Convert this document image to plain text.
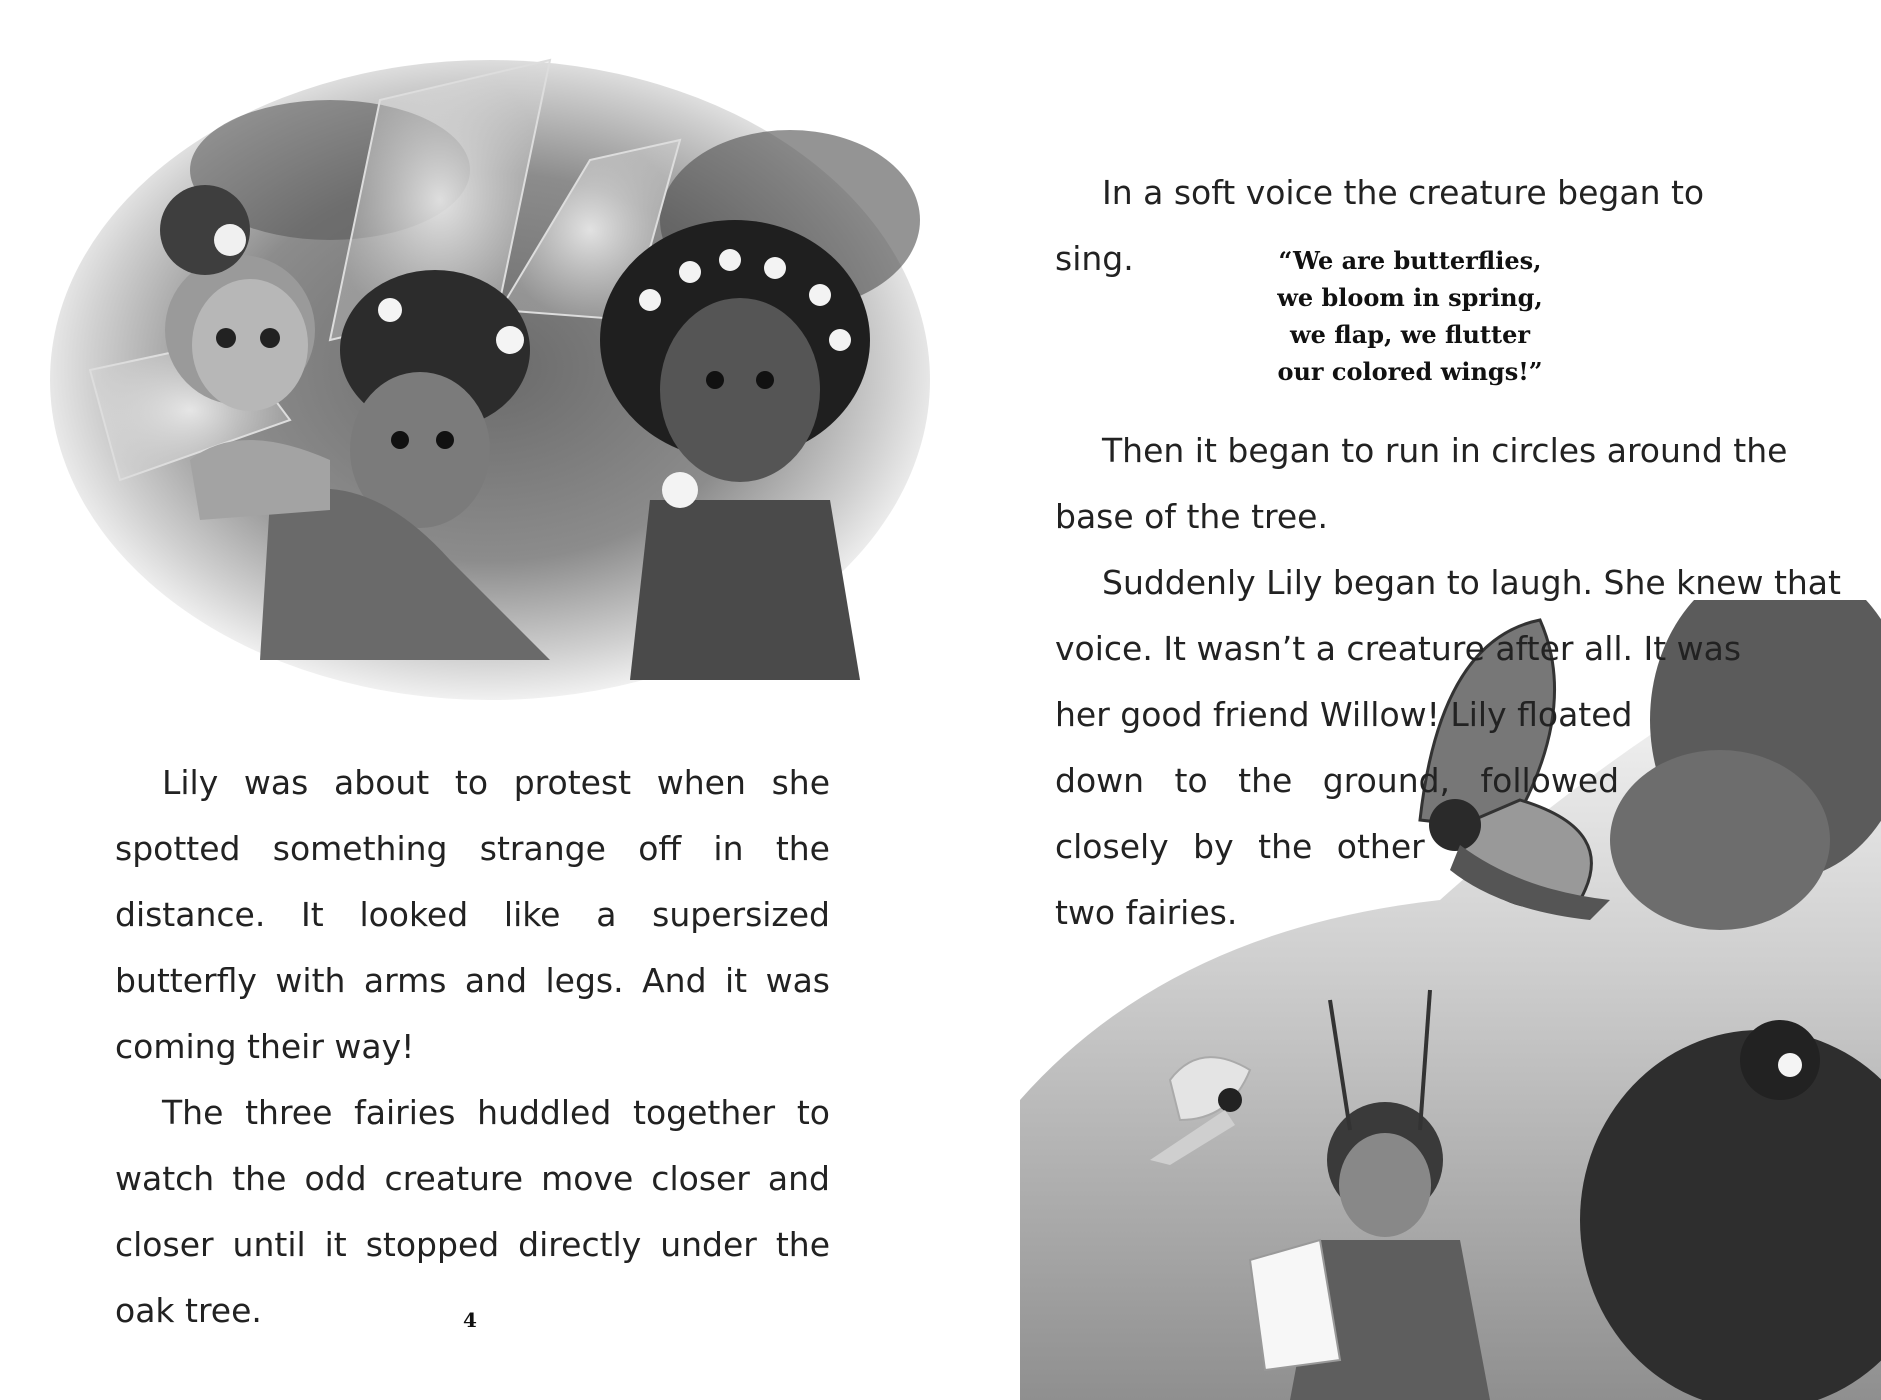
Lily was about to protest when she spotted something strange off in the distance. It looked like a supersized butterfly with arms and legs. And it was coming their way!

The three fairies huddled together to watch the odd creature move closer and closer until it stopped directly under the oak tree.	4

In a soft voice the creature began to sing.	“We are butterflies,
we bloom in spring,
we flap, we flutter
our colored wings!”
Then it began to run in circles around the
base of the tree.
Suddenly Lily began to laugh. She knew that
voice. It wasn’t a creature after all. It was
her good friend Willow! Lily floated
down to the ground, followed
closely by the other
two fairies.
